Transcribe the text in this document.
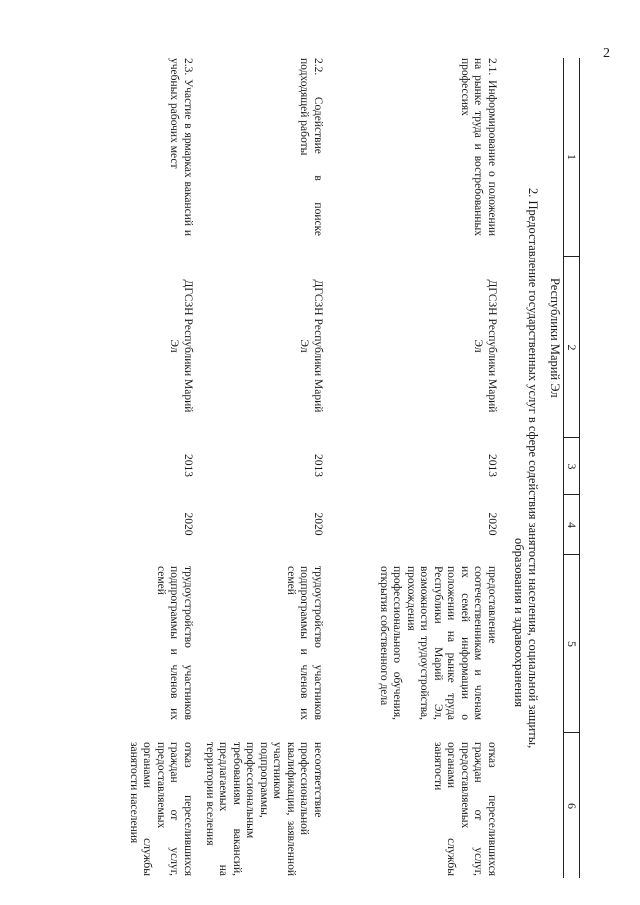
2
1
2
3
4
5
6
Республики Марий Эл
2. Предоставление государственных услуг в сфере содействия занятости населения, социальной защиты,
образования и здравоохранения
2.1. Информирование о положении на рынке труда и востребованных профессиях
ДГСЗН Республики Марий Эл
2013
2020
предоставление соотечественникам и членам их семей информации о положении на рынке труда Республики Марий Эл, возможности трудоустройства, прохождения профессионального обучения, открытия собственного дела
отказ переселившихся граждан от услуг, предоставляемых органами службы занятости
2.2. Содействие в поиске подходящей работы
ДГСЗН Республики Марий Эл
2013
2020
трудоустройство участников подпрограммы и членов их семей
несоответствие профессиональной квалификации, заявленной участником подпрограммы, профессиональным требованиям вакансий, предлагаемых на территории вселения
2.3. Участие в ярмарках вакансий и учебных рабочих мест
ДГСЗН Республики Марий Эл
2013
2020
трудоустройство участников подпрограммы и членов их семей
отказ переселившихся граждан от услуг, предоставляемых органами службы занятости населения
